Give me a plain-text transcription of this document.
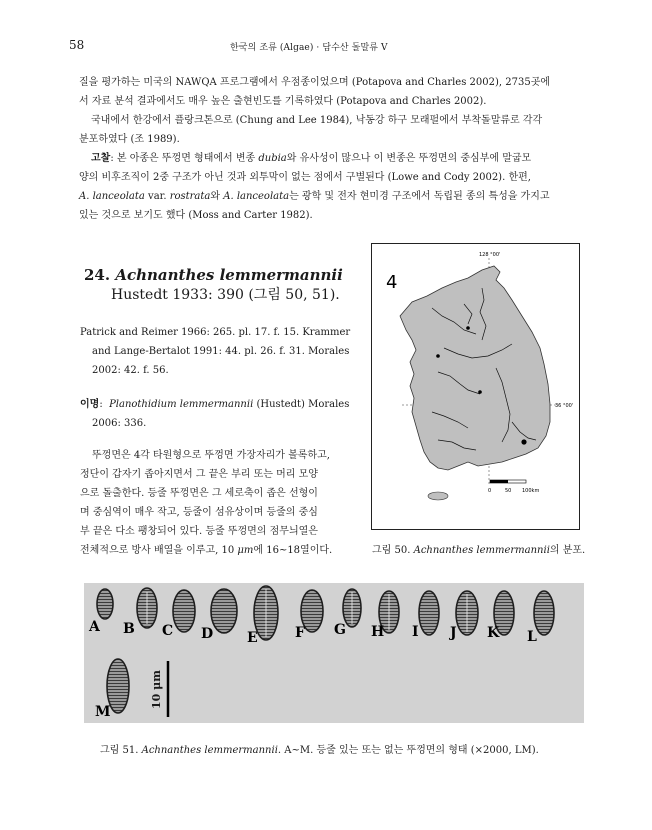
58	한국의 조류 (Algae) · 담수산 돌말류 V
질을 평가하는 미국의 NAWQA 프로그램에서 우점종이었으며 (Potapova and Charles 2002), 2735곳에
서 자료 분석 결과에서도 매우 높은 출현빈도를 기록하였다 (Potapova and Charles 2002).
국내에서 한강에서 플랑크톤으로 (Chung and Lee 1984), 낙동강 하구 모래펄에서 부착돌말류로 각각
분포하였다 (조 1989).
고찰: 본 아종은 뚜껑면 형태에서 변종 dubia와 유사성이 많으나 이 변종은 뚜껑면의 중심부에 말굽모
양의 비후조직이 2중 구조가 아닌 것과 외투막이 없는 점에서 구별된다 (Lowe and Cody 2002). 한편,
A. lanceolata var. rostrata와 A. lanceolata는 광학 및 전자 현미경 구조에서 독립된 종의 특성을 가지고
있는 것으로 보기도 했다 (Moss and Carter 1982).
24. Achnanthes lemmermannii
Hustedt 1933: 390 (그림 50, 51).
Patrick and Reimer 1966: 265. pl. 17. f. 15. Krammer
and Lange-Bertalot 1991: 44. pl. 26. f. 31. Morales
2002: 42. f. 56.
이명:  Planothidium lemmermannii (Hustedt) Morales
2006: 336.
뚜껑면은 4각 타원형으로 뚜껑면 가장자리가 볼록하고,
정단이 갑자기 좁아지면서 그 끝은 부리 또는 머리 모양
으로 돌출한다. 등줄 뚜껑면은 그 세로축이 좁은 선형이
며 중심역이 매우 작고, 등줄이 섬유상이며 등줄의 중심
부 끝은 다소 팽창되어 있다. 등줄 뚜껑면의 점무늬열은
전체적으로 방사 배열을 이루고, 10 μm에 16~18열이다.
4
128 °00'
36 °00'
0	50 100km
그림 50. Achnanthes lemmermannii의 분포.
A B C D E	F G H I J K L
M
10 μm
그림 51. Achnanthes lemmermannii. A~M. 등줄 있는 또는 없는 뚜껑면의 형태 (×2000, LM).
